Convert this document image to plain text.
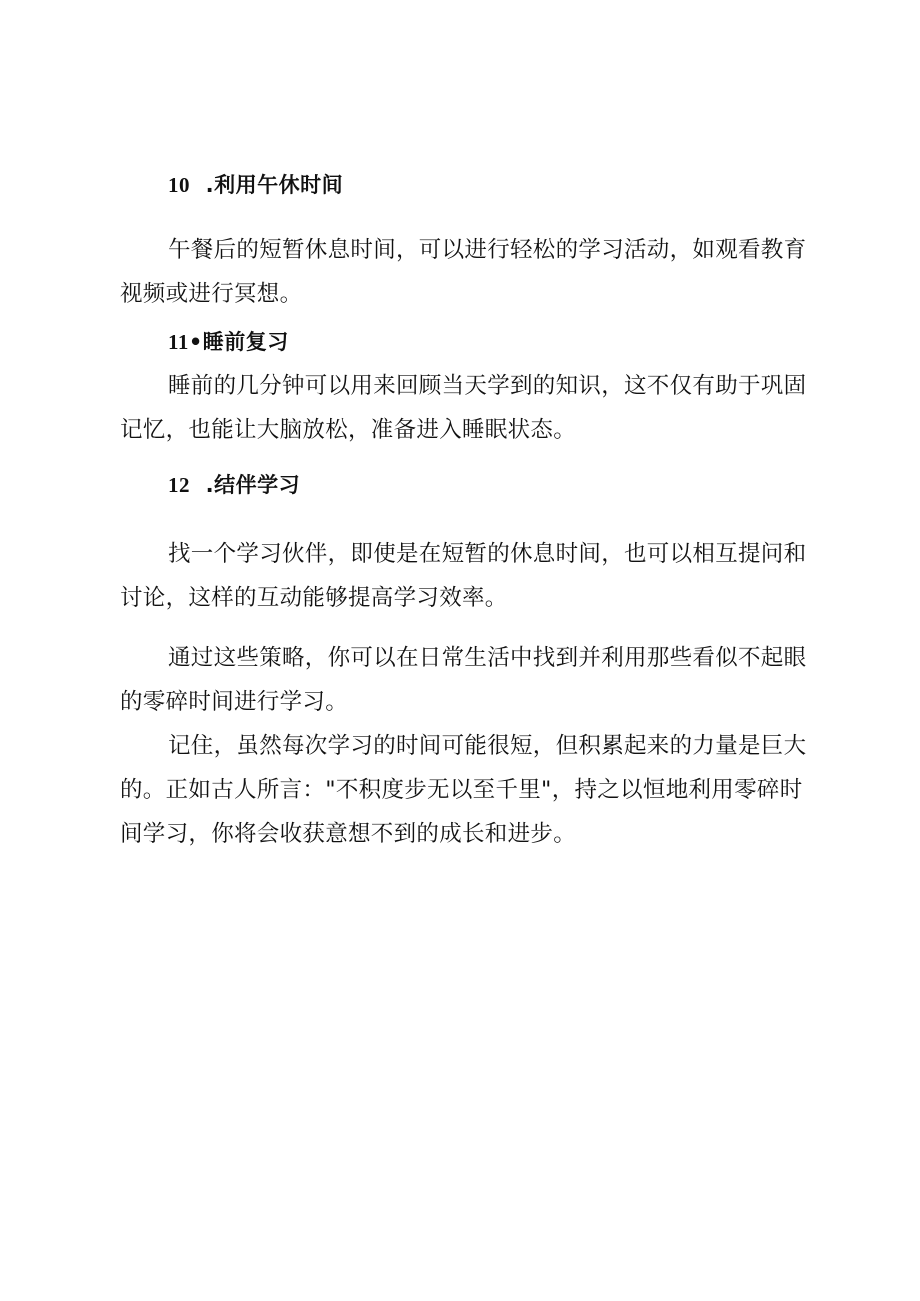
10  .利用午休时间
午餐后的短暂休息时间，可以进行轻松的学习活动，如观看教育
视频或进行冥想。
11•睡前复习
睡前的几分钟可以用来回顾当天学到的知识，这不仅有助于巩固
记忆，也能让大脑放松，准备进入睡眠状态。
12  .结伴学习
找一个学习伙伴，即使是在短暂的休息时间，也可以相互提问和
讨论，这样的互动能够提高学习效率。
通过这些策略，你可以在日常生活中找到并利用那些看似不起眼
的零碎时间进行学习。
记住，虽然每次学习的时间可能很短，但积累起来的力量是巨大
的。正如古人所言："不积度步无以至千里"，持之以恒地利用零碎时
间学习，你将会收获意想不到的成长和进步。
